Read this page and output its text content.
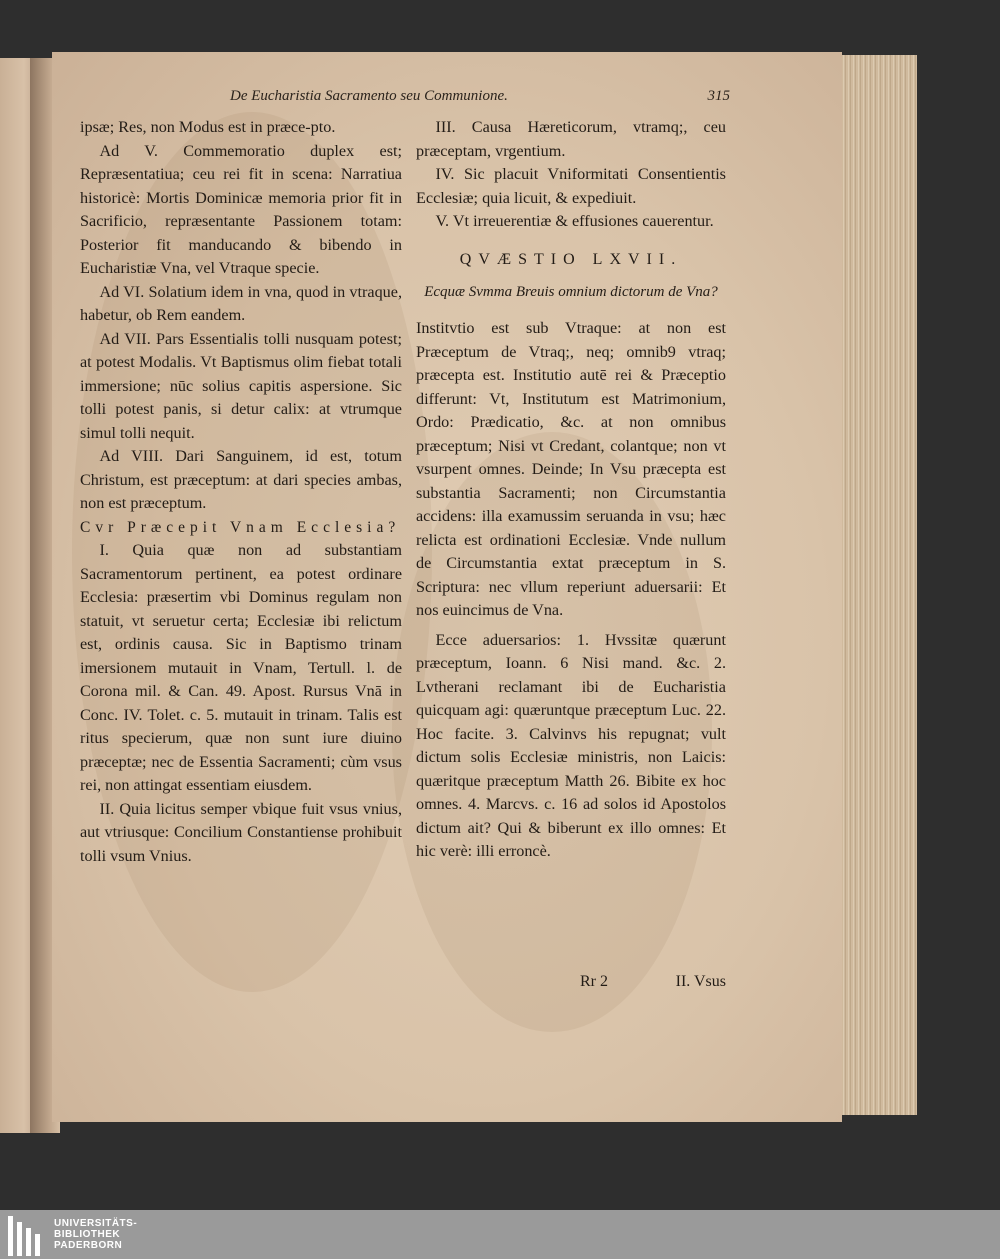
De Eucharistia Sacramento seu Communione.	315

ipsæ; Res, non Modus est in præce-pto.

Ad V. Commemoratio duplex est; Repræsentatiua; ceu rei fit in scena: Narratiua historicè: Mortis Dominicæ memoria prior fit in Sacrificio, repræsentante Passionem totam: Posterior fit manducando & bibendo in Eucharistiæ Vna, vel Vtraque specie.

Ad VI. Solatium idem in vna, quod in vtraque, habetur, ob Rem eandem.

Ad VII. Pars Essentialis tolli nusquam potest; at potest Modalis. Vt Baptismus olim fiebat totali immersione; nūc solius capitis aspersione. Sic tolli potest panis, si detur calix: at vtrumque simul tolli nequit.

Ad VIII. Dari Sanguinem, id est, totum Christum, est præceptum: at dari species ambas, non est præceptum.

Cvr Præcepit Vnam Ecclesia?

I. Quia quæ non ad substantiam Sacramentorum pertinent, ea potest ordinare Ecclesia: præsertim vbi Dominus regulam non statuit, vt seruetur certa; Ecclesiæ ibi relictum est, ordinis causa. Sic in Baptismo trinam imersionem mutauit in Vnam, Tertull. l. de Corona mil. & Can. 49. Apost. Rursus Vnā in Conc. IV. Tolet. c. 5. mutauit in trinam. Talis est ritus specierum, quæ non sunt iure diuino præceptæ; nec de Essentia Sacramenti; cùm vsus rei, non attingat essentiam eiusdem.

II. Quia licitus semper vbique fuit vsus vnius, aut vtriusque: Concilium Constantiense prohibuit tolli vsum Vnius.

III. Causa Hæreticorum, vtramq;, ceu præceptam, vrgentium.

IV. Sic placuit Vniformitati Consentientis Ecclesiæ; quia licuit, & expediuit.

V. Vt irreuerentiæ & effusiones cauerentur.

QVÆSTIO LXVII.
Ecquæ Svmma Breuis omnium dictorum de Vna?

Institvtio est sub Vtraque: at non est Præceptum de Vtraq;, neq; omnib9 vtraq; præcepta est. Institutio autē rei & Præceptio differunt: Vt, Institutum est Matrimonium, Ordo: Prædicatio, &c. at non omnibus præceptum; Nisi vt Credant, colantque; non vt vsurpent omnes. Deinde; In Vsu præcepta est substantia Sacramenti; non Circumstantia accidens: illa examussim seruanda in vsu; hæc relicta est ordinationi Ecclesiæ. Vnde nullum de Circumstantia extat præceptum in S. Scriptura: nec vllum reperiunt aduersarii: Et nos euincimus de Vna.

Ecce aduersarios: 1. Hvssitæ quærunt præceptum, Ioann. 6 Nisi mand. &c. 2. Lvtherani reclamant ibi de Eucharistia quicquam agi: quæruntque præceptum Luc. 22. Hoc facite. 3. Calvinvs his repugnat; vult dictum solis Ecclesiæ ministris, non Laicis: quæritque præceptum Matth 26. Bibite ex hoc omnes. 4. Marcvs. c. 16 ad solos id Apostolos dictum ait? Qui & biberunt ex illo omnes: Et hic verè: illi erroncè.

Rr 2	II. Vsus
UNIVERSITÄTS-
BIBLIOTHEK
PADERBORN
